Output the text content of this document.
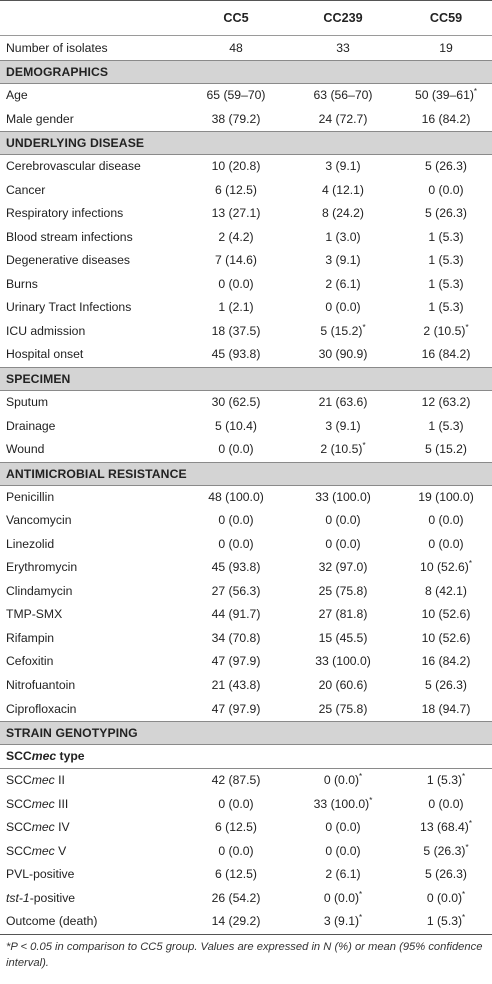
	CC5	CC239	CC59
Number of isolates	48	33	19
DEMOGRAPHICS			
Age	65 (59–70)	63 (56–70)	50 (39–61)*
Male gender	38 (79.2)	24 (72.7)	16 (84.2)
UNDERLYING DISEASE			
Cerebrovascular disease	10 (20.8)	3 (9.1)	5 (26.3)
Cancer	6 (12.5)	4 (12.1)	0 (0.0)
Respiratory infections	13 (27.1)	8 (24.2)	5 (26.3)
Blood stream infections	2 (4.2)	1 (3.0)	1 (5.3)
Degenerative diseases	7 (14.6)	3 (9.1)	1 (5.3)
Burns	0 (0.0)	2 (6.1)	1 (5.3)
Urinary Tract Infections	1 (2.1)	0 (0.0)	1 (5.3)
ICU admission	18 (37.5)	5 (15.2)*	2 (10.5)*
Hospital onset	45 (93.8)	30 (90.9)	16 (84.2)
SPECIMEN			
Sputum	30 (62.5)	21 (63.6)	12 (63.2)
Drainage	5 (10.4)	3 (9.1)	1 (5.3)
Wound	0 (0.0)	2 (10.5)*	5 (15.2)
ANTIMICROBIAL RESISTANCE			
Penicillin	48 (100.0)	33 (100.0)	19 (100.0)
Vancomycin	0 (0.0)	0 (0.0)	0 (0.0)
Linezolid	0 (0.0)	0 (0.0)	0 (0.0)
Erythromycin	45 (93.8)	32 (97.0)	10 (52.6)*
Clindamycin	27 (56.3)	25 (75.8)	8 (42.1)
TMP-SMX	44 (91.7)	27 (81.8)	10 (52.6)
Rifampin	34 (70.8)	15 (45.5)	10 (52.6)
Cefoxitin	47 (97.9)	33 (100.0)	16 (84.2)
Nitrofuantoin	21 (43.8)	20 (60.6)	5 (26.3)
Ciprofloxacin	47 (97.9)	25 (75.8)	18 (94.7)
STRAIN GENOTYPING			
SCCmec type			
SCCmec II	42 (87.5)	0 (0.0)*	1 (5.3)*
SCCmec III	0 (0.0)	33 (100.0)*	0 (0.0)
SCCmec IV	6 (12.5)	0 (0.0)	13 (68.4)*
SCCmec V	0 (0.0)	0 (0.0)	5 (26.3)*
PVL-positive	6 (12.5)	2 (6.1)	5 (26.3)
tst-1-positive	26 (54.2)	0 (0.0)*	0 (0.0)*
Outcome (death)	14 (29.2)	3 (9.1)*	1 (5.3)*
*P < 0.05 in comparison to CC5 group. Values are expressed in N (%) or mean (95% confidence interval).
